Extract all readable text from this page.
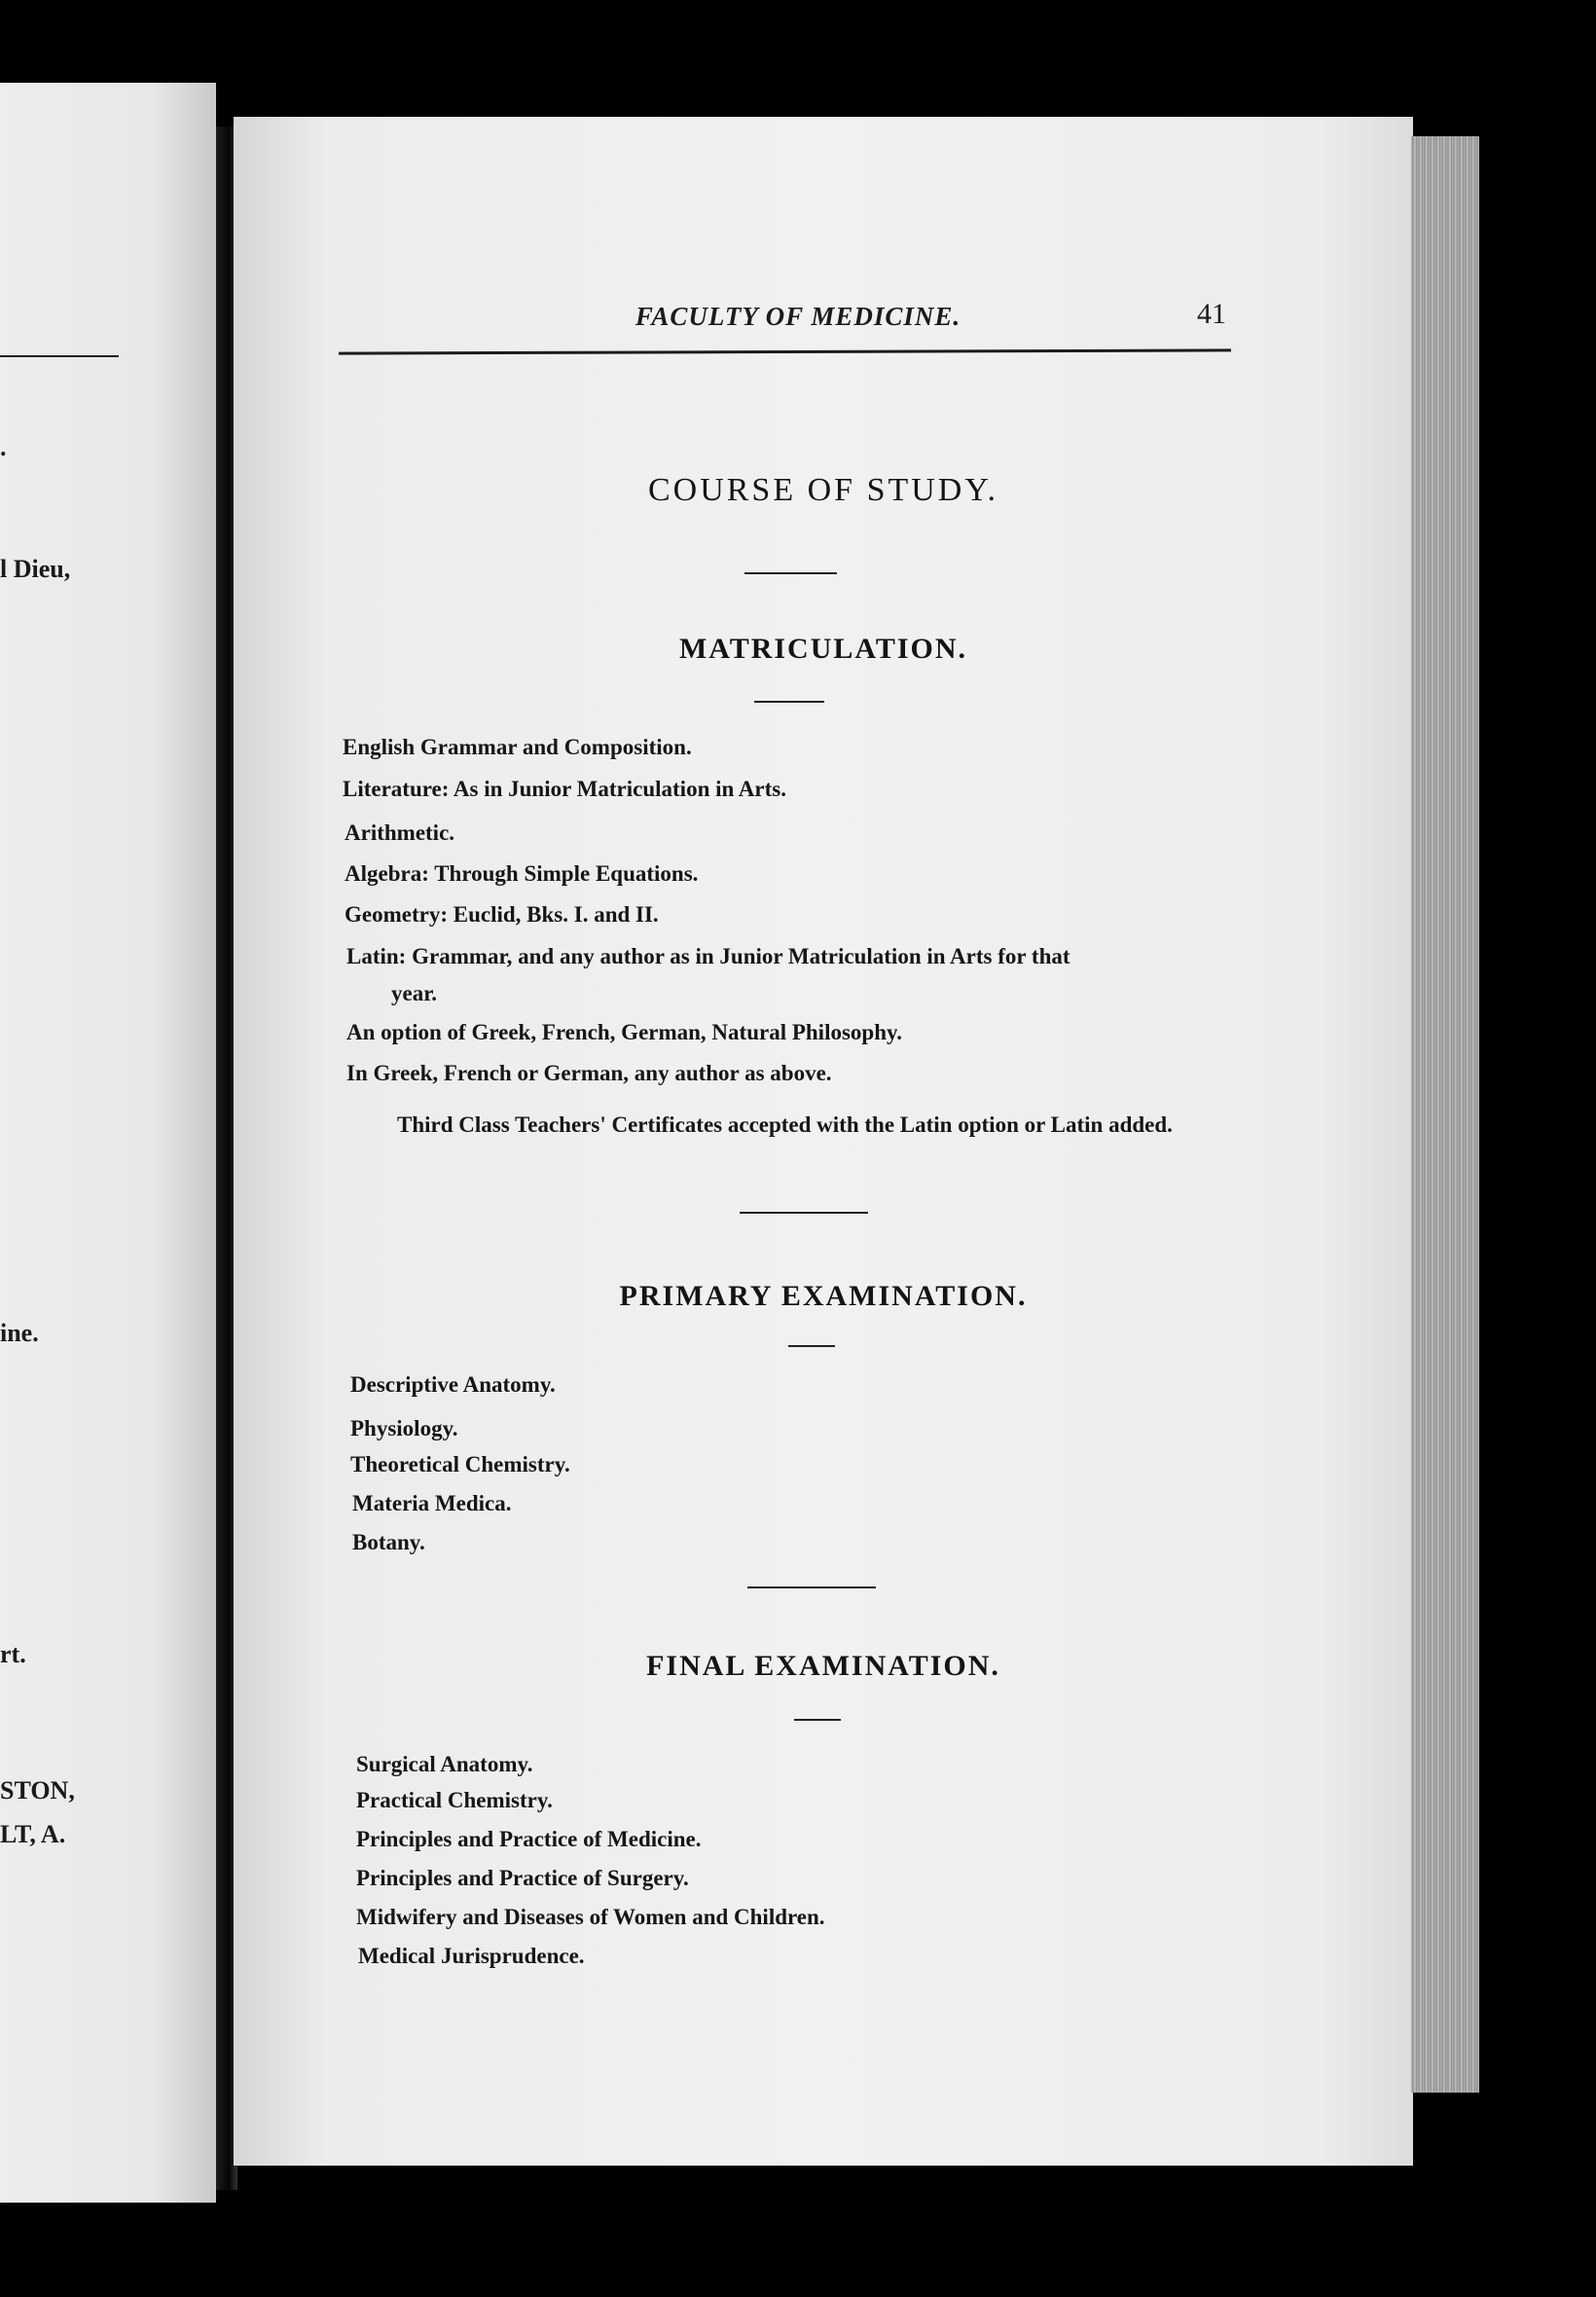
.
l Dieu,
ine.
rt.
STON,
LT, A.
FACULTY OF MEDICINE.	41
COURSE OF STUDY.
MATRICULATION.
English Grammar and Composition.
Literature: As in Junior Matriculation in Arts.
Arithmetic.
Algebra: Through Simple Equations.
Geometry: Euclid, Bks. I. and II.
Latin: Grammar, and any author as in Junior Matriculation in Arts for that
year.
An option of Greek, French, German, Natural Philosophy.
In Greek, French or German, any author as above.
Third Class Teachers' Certificates accepted with the Latin option or Latin added.
PRIMARY EXAMINATION.
Descriptive Anatomy.
Physiology.
Theoretical Chemistry.
Materia Medica.
Botany.
FINAL EXAMINATION.
Surgical Anatomy.
Practical Chemistry.
Principles and Practice of Medicine.
Principles and Practice of Surgery.
Midwifery and Diseases of Women and Children.
Medical Jurisprudence.
